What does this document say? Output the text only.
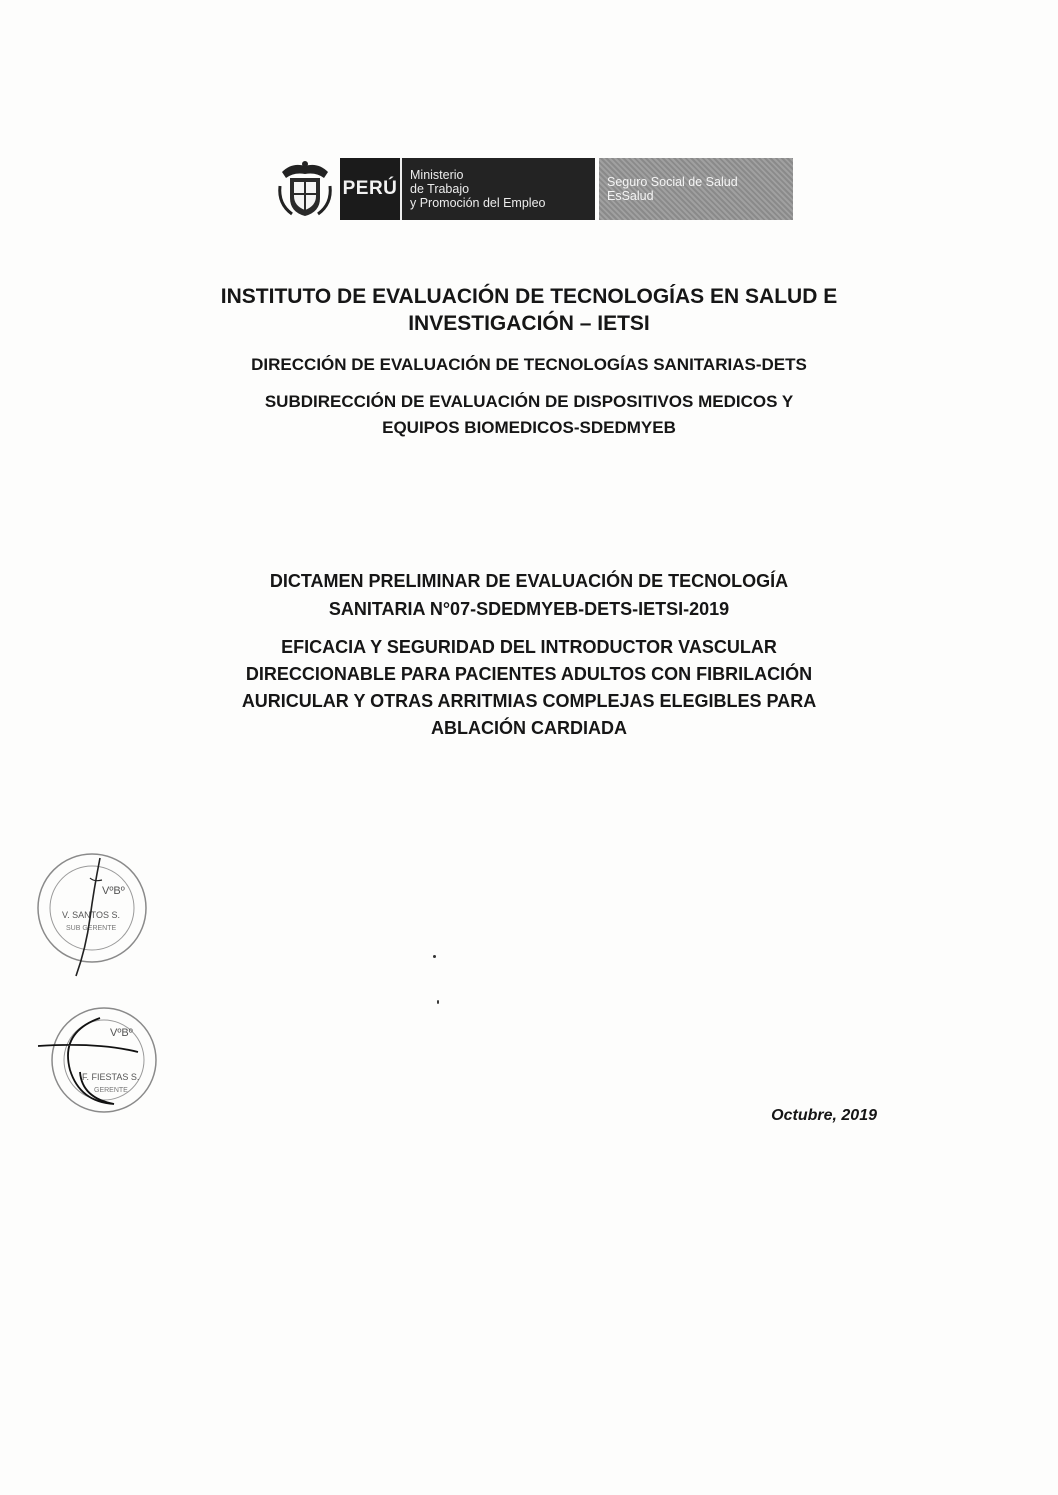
PERÚ
Ministerio
de Trabajo
y Promoción del Empleo
Seguro Social de Salud
EsSalud
INSTITUTO DE EVALUACIÓN DE TECNOLOGÍAS EN SALUD E
INVESTIGACIÓN – IETSI
DIRECCIÓN DE EVALUACIÓN DE TECNOLOGÍAS SANITARIAS-DETS
SUBDIRECCIÓN DE EVALUACIÓN DE DISPOSITIVOS MEDICOS Y
EQUIPOS BIOMEDICOS-SDEDMYEB
DICTAMEN PRELIMINAR DE EVALUACIÓN DE TECNOLOGÍA
SANITARIA N°07-SDEDMYEB-DETS-IETSI-2019
EFICACIA Y SEGURIDAD DEL INTRODUCTOR VASCULAR
DIRECCIONABLE PARA PACIENTES ADULTOS CON FIBRILACIÓN
AURICULAR Y OTRAS ARRITMIAS COMPLEJAS ELEGIBLES PARA
ABLACIÓN CARDIADA
VºBº
V. SANTOS S.
SUB GERENTE
VºBº
F. FIESTAS S.
GERENTE
Octubre, 2019
